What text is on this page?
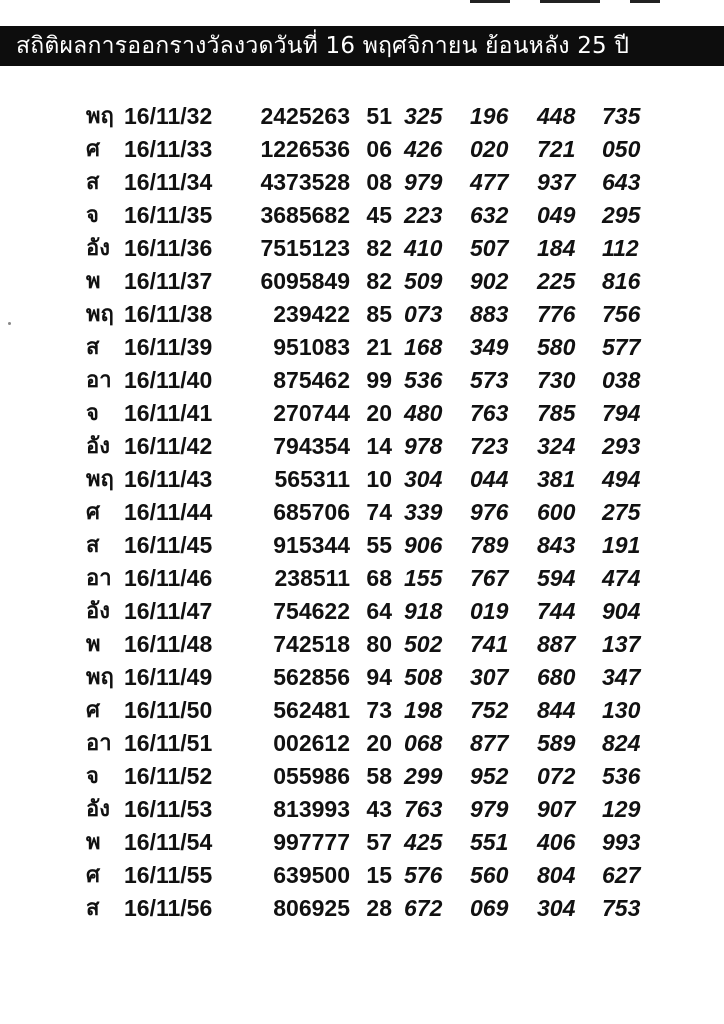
สถิติผลการออกรางวัลงวดวันที่ 16 พฤศจิกายน ย้อนหลัง 25 ปี
พฤ 16/11/32	2425263 51 325 196 448 735
ศ	16/11/33	1226536 06 426 020 721 050
ส	16/11/34	4373528 08 979 477 937 643
จ	16/11/35	3685682 45 223 632 049 295
อัง 16/11/36	7515123 82 410 507 184 112
พ	16/11/37	6095849 82 509 902 225 816
พฤ 16/11/38	239422 85 073 883 776 756
ส	16/11/39	951083 21 168 349 580 577
อา 16/11/40	875462 99 536 573 730 038
จ	16/11/41	270744 20 480 763 785 794
อัง 16/11/42	794354 14 978 723 324 293
พฤ 16/11/43	565311 10 304 044 381 494
ศ	16/11/44	685706 74 339 976 600 275
ส	16/11/45	915344 55 906 789 843 191
อา 16/11/46	238511 68 155 767 594 474
อัง 16/11/47	754622 64 918 019 744 904
พ	16/11/48	742518 80 502 741 887 137
พฤ 16/11/49	562856 94 508 307 680 347
ศ	16/11/50	562481 73 198 752 844 130
อา 16/11/51	002612 20 068 877 589 824
จ	16/11/52	055986 58 299 952 072 536
อัง 16/11/53	813993 43 763 979 907 129
พ	16/11/54	997777 57 425 551 406 993
ศ	16/11/55	639500 15 576 560 804 627
ส	16/11/56	806925 28 672 069 304 753
